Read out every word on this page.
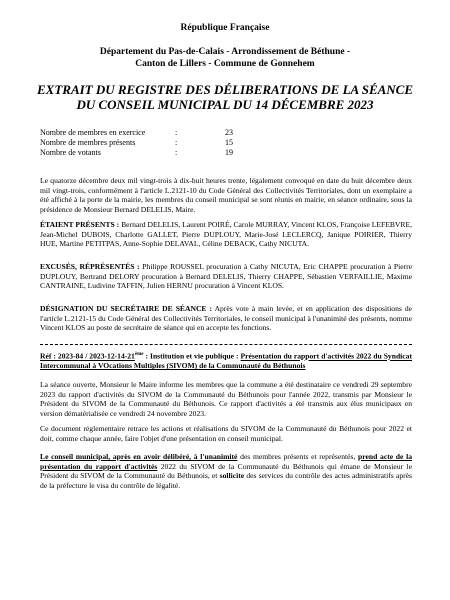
République Française
Département du Pas-de-Calais - Arrondissement de Béthune -
Canton de Lillers - Commune de Gonnehem
EXTRAIT DU REGISTRE DES DÉLIBERATIONS DE LA SÉANCE
DU CONSEIL MUNICIPAL DU 14 DÉCEMBRE 2023
Nombre de membres en exercice	:	23
Nombre de membres présents	:	15
Nombre de votants	:	19
Le quatorze décembre deux mil vingt-trois à dix-huit heures trente, légalement convoqué en date du huit décembre deux mil vingt-trois, conformément à l'article L.2121-10 du Code Général des Collectivités Territoriales, dont un exemplaire a été affiché à la porte de la mairie, les membres du conseil municipal se sont réunis en mairie, en séance ordinaire, sous la présidence de Monsieur Bernard DELELIS, Maire.
ÉTAIENT PRÉSENTS : Bernard DELELIS, Laurent POIRÉ, Carole MURRAY, Vincent KLOS, Françoise LEFEBVRE, Jean-Michel DUBOIS, Charlotte GALLET, Pierre DUPLOUY, Marie-José LECLERCQ, Janique POIRIER, Thierry HUE, Martine PETITPAS, Anne-Sophie DELAVAL, Céline DEBACK, Cathy NICUTA.
EXCUSÉS, RÉPRÉSENTÉS : Philippe ROUSSEL procuration à Cathy NICUTA, Eric CHAPPE procuration à Pierre DUPLOUY, Bertrand DELORY procuration à Bernard DELELIS, Thierry CHAPPE, Sébastien VERFAILLIE, Maxime CANTRAINE, Ludivine TAFFIN, Julien HERNU procuration à Vincent KLOS.
DÉSIGNATION DU SECRÉTAIRE DE SÉANCE : Après vote à main levée, et en application des dispositions de l'article L.2121-15 du Code Général des Collectivités Territoriales, le conseil municipal à l'unanimité des présents, nomme Vincent KLOS au poste de secrétaire de séance qui en accepte les fonctions.
Réf : 2023-84 / 2023-12-14-21ème : Institution et vie publique : Présentation du rapport d'activités 2022 du Syndicat Intercommunal à VOcations Multiples (SIVOM) de la Communauté du Béthunois
La séance ouverte, Monsieur le Maire informe les membres que la commune a été destinataire ce vendredi 29 septembre 2023 du rapport d'activités du SIVOM de la Communauté du Béthunois pour l'année 2022, transmis par Monsieur le Président du SIVOM de la Communauté du Béthunois. Ce rapport d'activités a été transmis aux élus municipaux en version dématérialisée ce vendredi 24 novembre 2023.
Ce document réglementaire retrace les actions et réalisations du SIVOM de la Communauté du Béthunois pour 2022 et doit, comme chaque année, faire l'objet d'une présentation en conseil municipal.
Le conseil municipal, après en avoir délibéré, à l'unanimité des membres présents et représentés, prend acte de la présentation du rapport d'activités 2022 du SIVOM de la Communauté du Béthunois qui émane de Monsieur le Président du SIVOM de la Communauté du Béthunois, et sollicite des services du contrôle des actes administratifs après de la préfecture le visa du contrôle de légalité.
